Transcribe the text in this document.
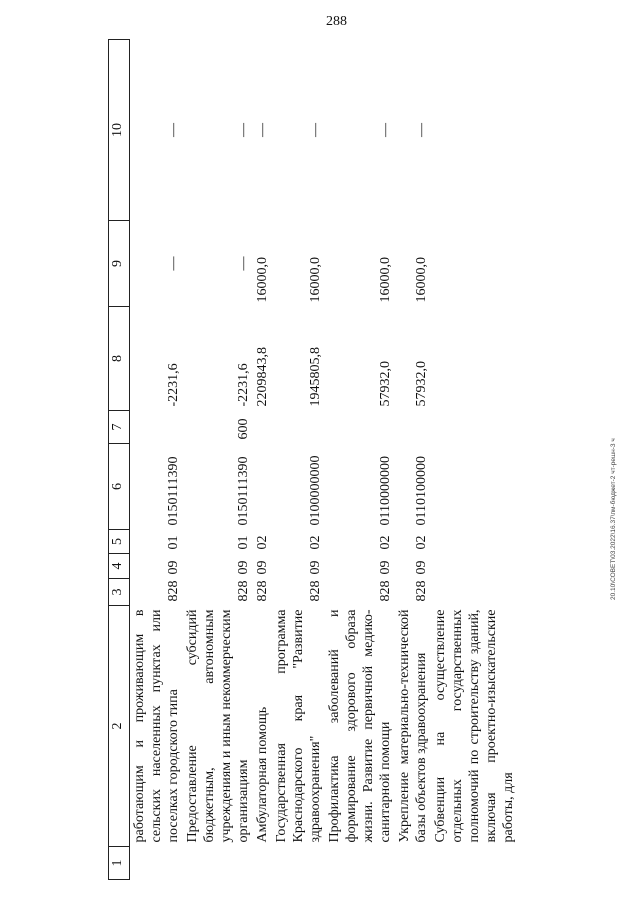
288
20.10\СОВЕТ\03.2022\16.37\пм-бюджет-2 чт-решн-3 ч
1	2	3	4	5	6	7	8	9	10
	работающим и проживающим в сельских населенных пунктах или поселках городского типа	828	09	01	0150111390		-2231,6	—	—
	Предоставление субсидий бюджетным, автономным учреждениям и иным некоммерческим организациям	828	09	01	0150111390	600	-2231,6	—	—
	Амбулаторная помощь	828	09	02			2209843,8	16000,0	—
	Государственная программа Краснодарского края "Развитие здравоохранения"	828	09	02	0100000000		1945805,8	16000,0	—
	Профилактика заболеваний и формирование здорового образа жизни. Развитие первичной медико-санитарной помощи	828	09	02	0110000000		57932,0	16000,0	—
	Укрепление материально-технической базы объектов здравоохранения	828	09	02	0110100000		57932,0	16000,0	—
	Субвенции на осуществление отдельных государственных полномочий по строительству зданий, включая проектно-изыскательские работы, для								
